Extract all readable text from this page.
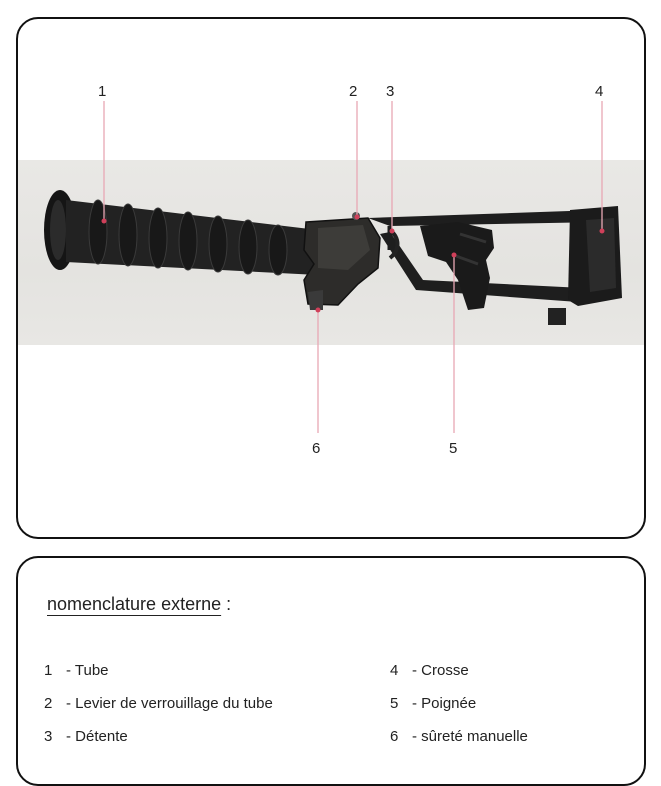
1	2 3	4
5
6
nomenclature externe :
1 - Tube
2 - Levier de verrouillage du tube
3 - Détente
4 - Crosse
5 - Poignée
6 - sûreté manuelle
